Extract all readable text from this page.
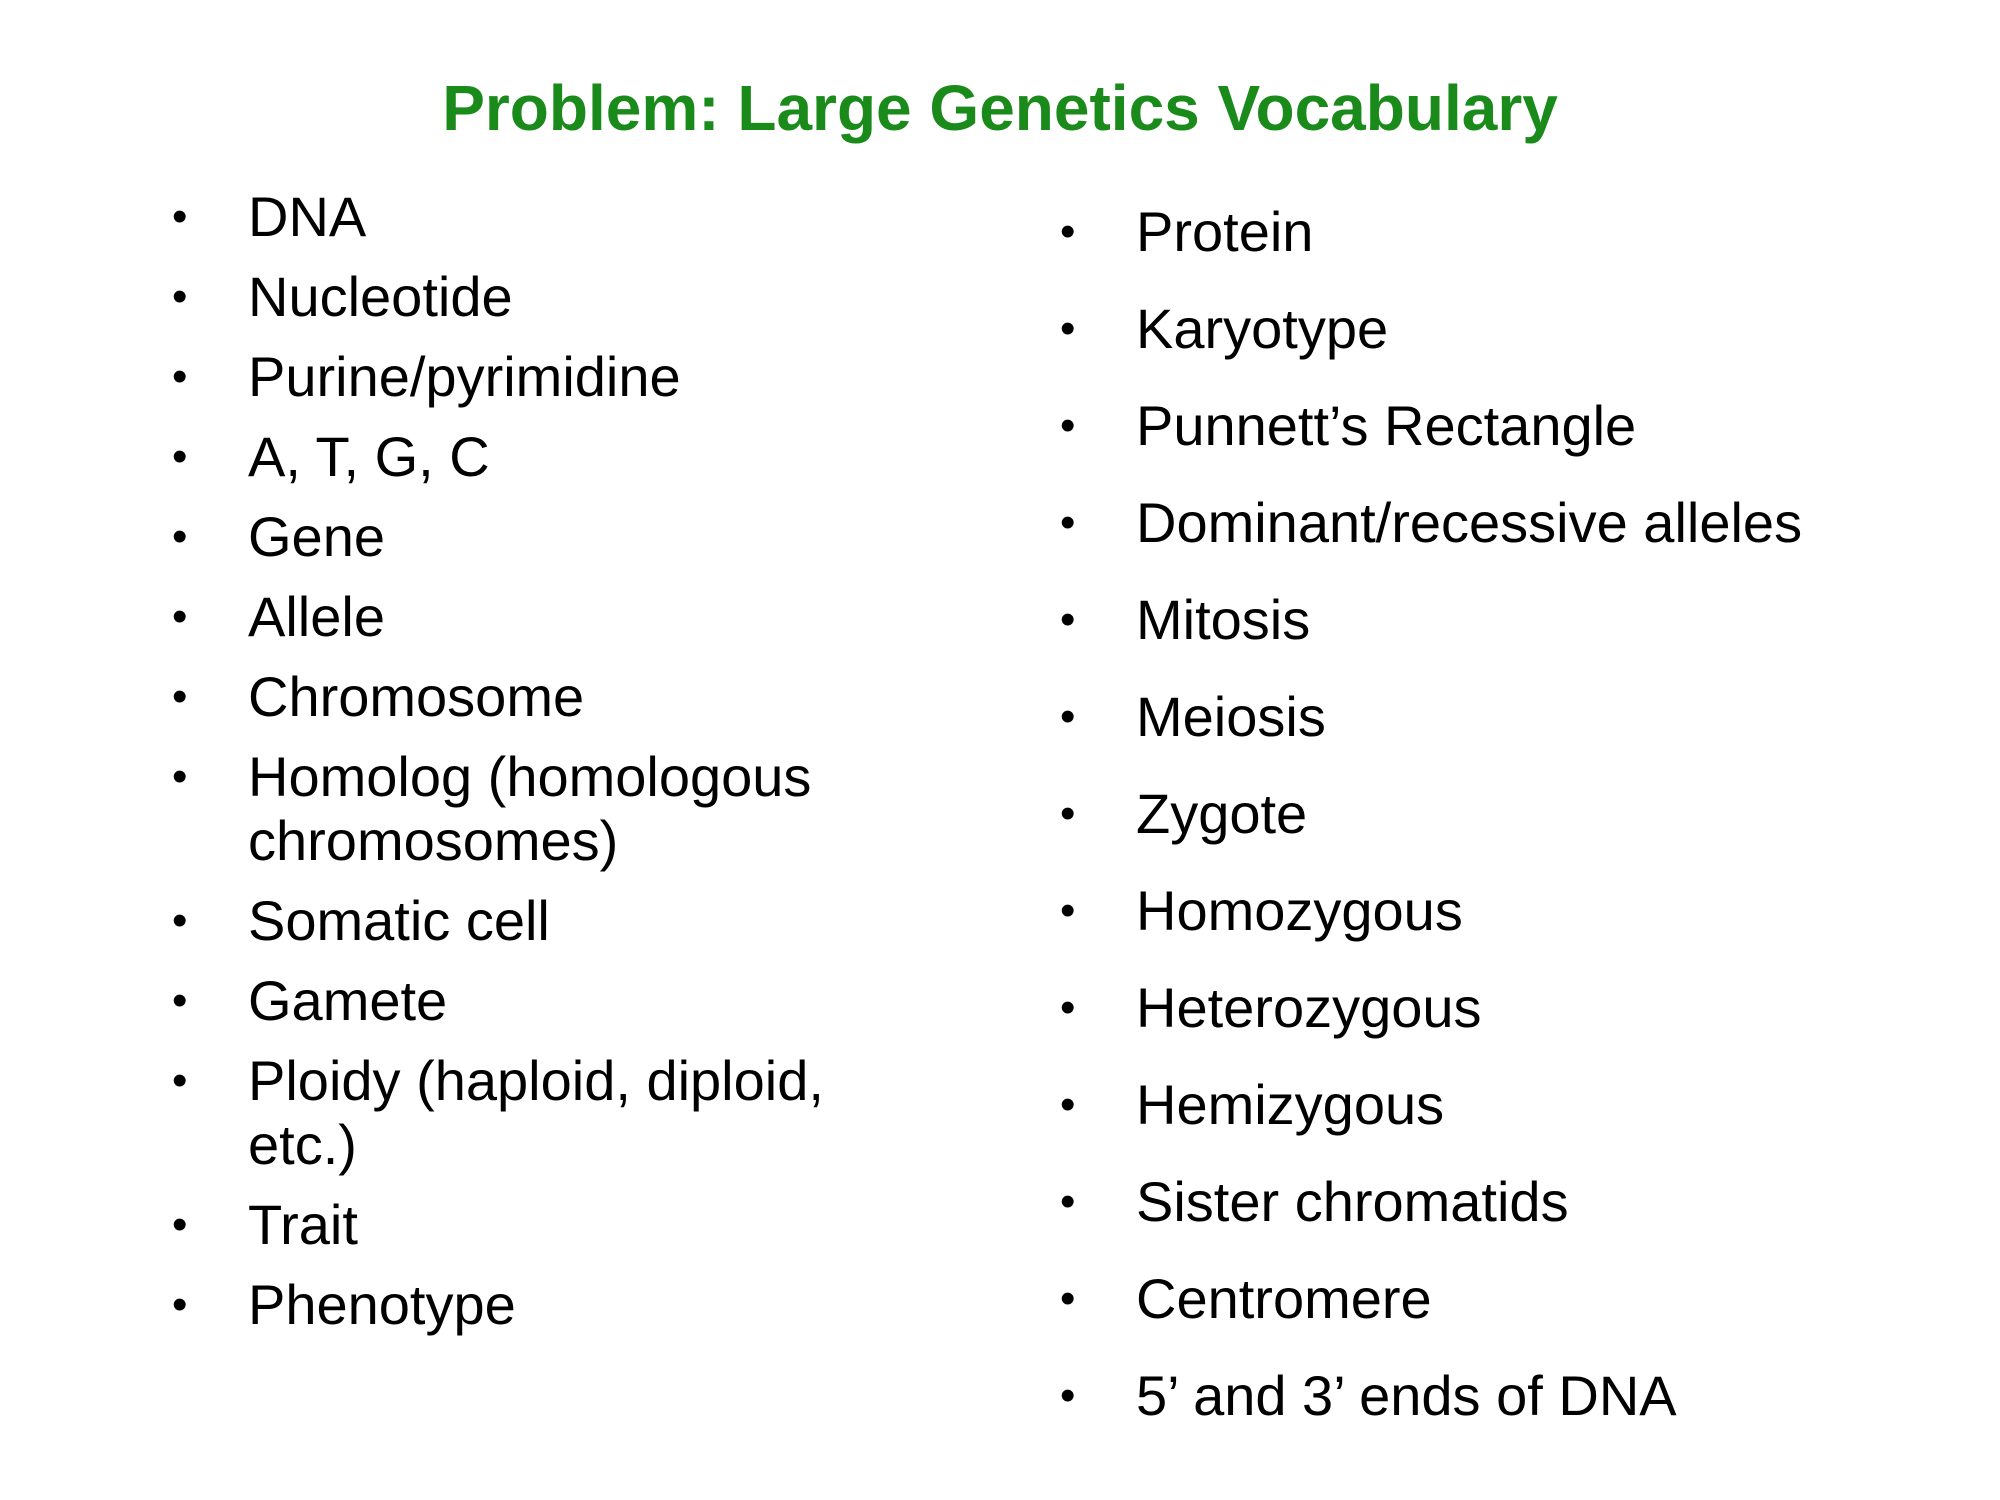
Problem: Large Genetics Vocabulary
• DNA
• Nucleotide
• Purine/pyrimidine
• A, T, G, C
• Gene
• Allele
• Chromosome
• Homolog (homologous chromosomes)
• Somatic cell
• Gamete
• Ploidy (haploid, diploid, etc.)
• Trait
• Phenotype
• Protein
• Karyotype
• Punnett’s Rectangle
• Dominant/recessive alleles
• Mitosis
• Meiosis
• Zygote
• Homozygous
• Heterozygous
• Hemizygous
• Sister chromatids
• Centromere
• 5’ and 3’ ends of DNA
